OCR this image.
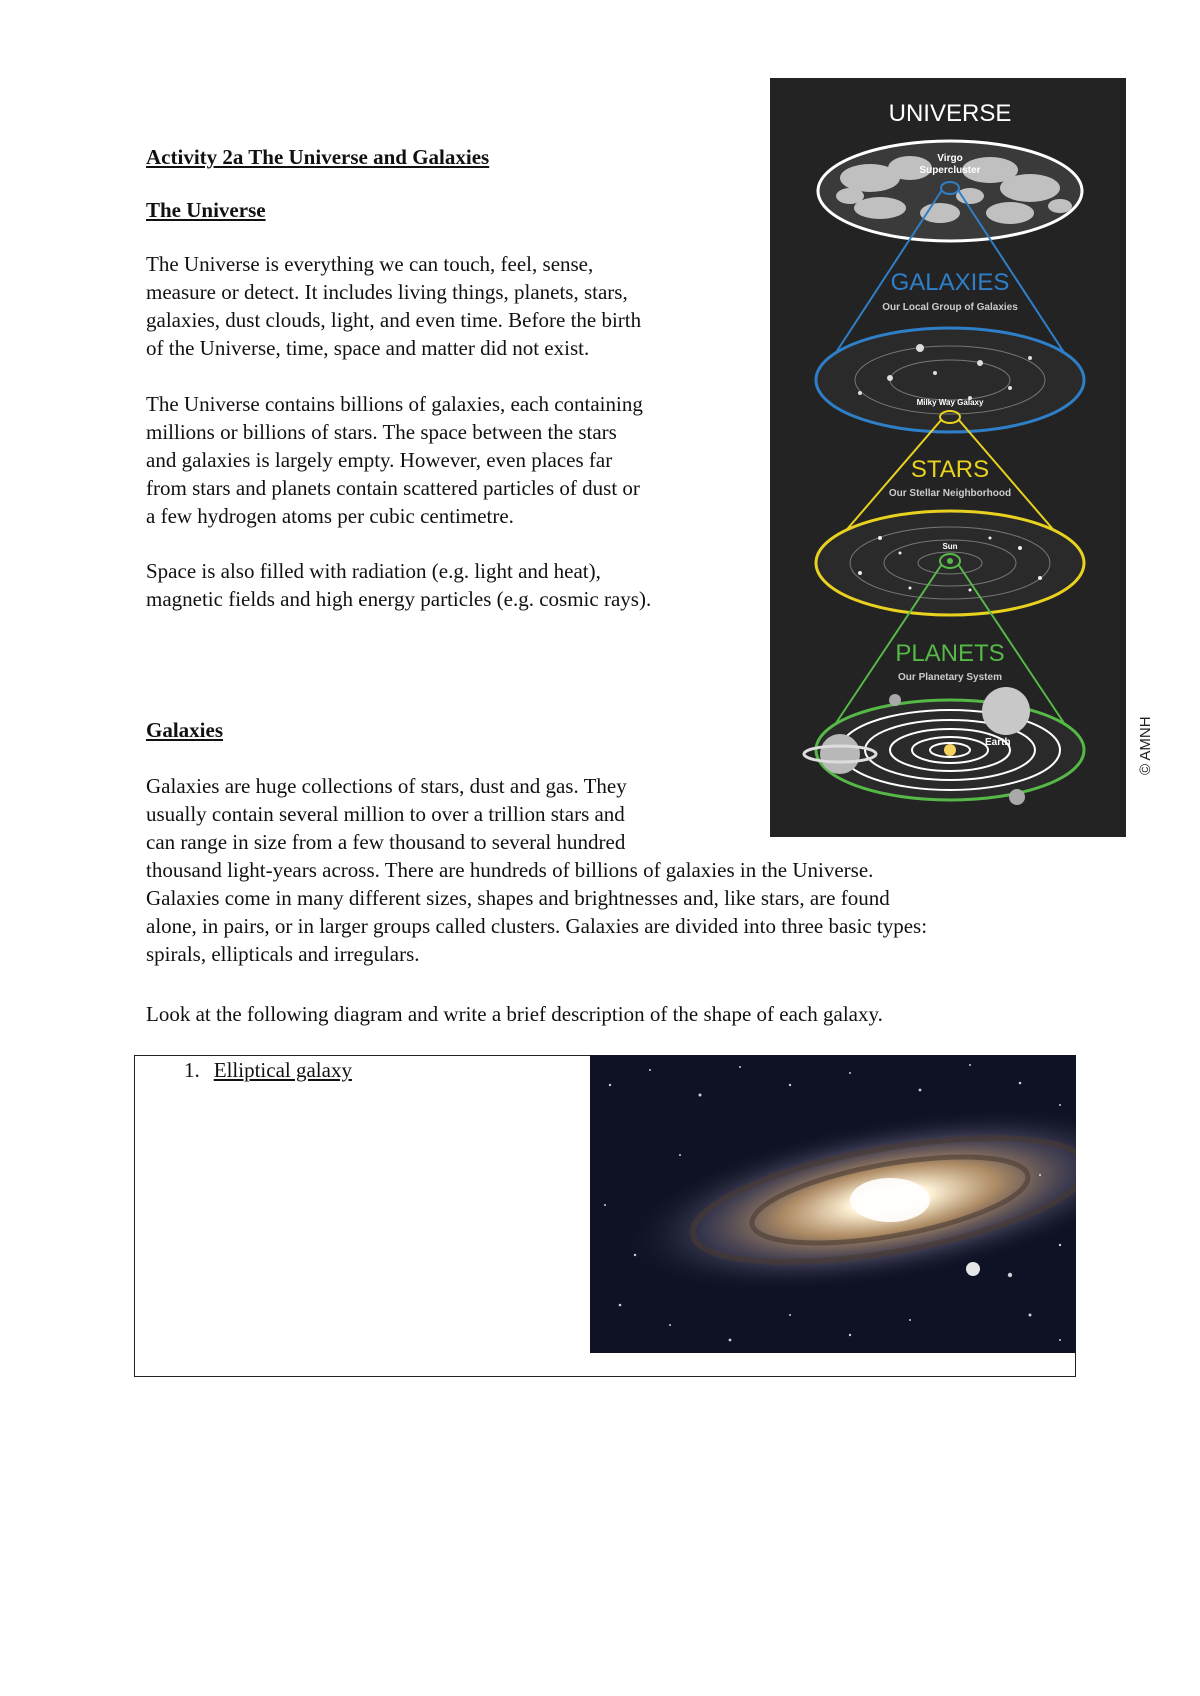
Activity 2a The Universe and Galaxies
The Universe
The Universe is everything we can touch, feel, sense,
measure or detect. It includes living things, planets, stars,
galaxies, dust clouds, light, and even time. Before the birth
of the Universe, time, space and matter did not exist.
The Universe contains billions of galaxies, each containing
millions or billions of stars. The space between the stars
and galaxies is largely empty. However, even places far
from stars and planets contain scattered particles of dust or
a few hydrogen atoms per cubic centimetre.
Space is also filled with radiation (e.g. light and heat),
magnetic fields and high energy particles (e.g. cosmic rays).
Galaxies
Galaxies are huge collections of stars, dust and gas. They
usually contain several million to over a trillion stars and
can range in size from a few thousand to several hundred
thousand light-years across. There are hundreds of billions of galaxies in the Universe.
Galaxies come in many different sizes, shapes and brightnesses and, like stars, are found
alone, in pairs, or in larger groups called clusters. Galaxies are divided into three basic types:
spirals, ellipticals and irregulars.
Look at the following diagram and write a brief description of the shape of each galaxy.
UNIVERSE
Virgo
Supercluster
GALAXIES
Our Local Group of Galaxies
Milky Way Galaxy
STARS
Our Stellar Neighborhood
Sun
PLANETS
Our Planetary System
Earth	© AMNH
1. Elliptical galaxy
